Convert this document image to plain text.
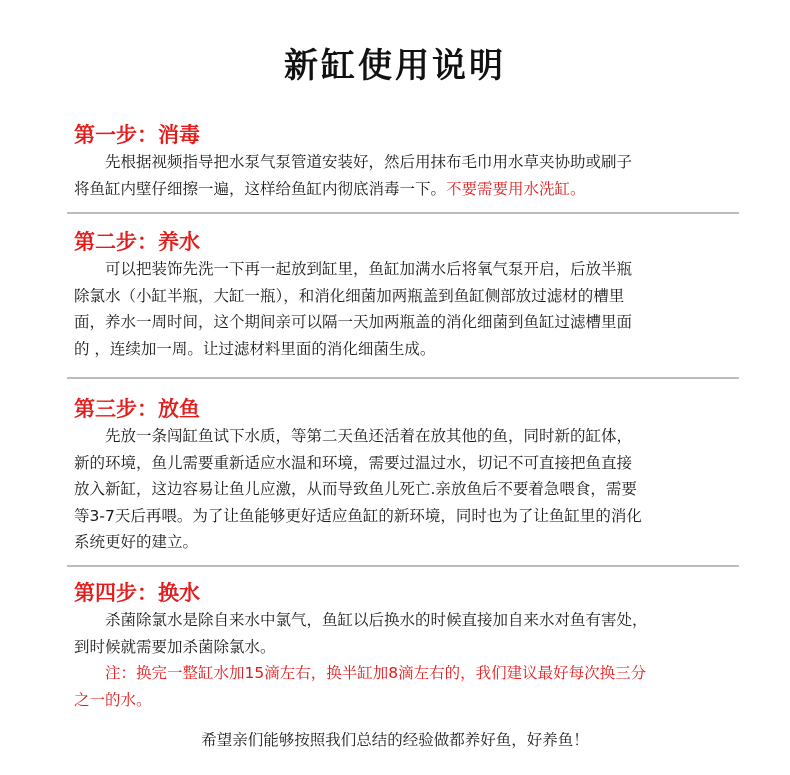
新缸使用说明
第一步：消毒

先根据视频指导把水泵气泵管道安装好，然后用抹布毛巾用水草夹协助或刷子

将鱼缸内壁仔细擦一遍，这样给鱼缸内彻底消毒一下。不要需要用水洗缸。

第二步：养水

可以把装饰先洗一下再一起放到缸里，鱼缸加满水后将氧气泵开启，后放半瓶

除氯水（小缸半瓶，大缸一瓶），和消化细菌加两瓶盖到鱼缸侧部放过滤材的槽里

面，养水一周时间，这个期间亲可以隔一天加两瓶盖的消化细菌到鱼缸过滤槽里面

的 ，连续加一周。让过滤材料里面的消化细菌生成。

第三步：放鱼

先放一条闯缸鱼试下水质，等第二天鱼还活着在放其他的鱼，同时新的缸体，

新的环境，鱼儿需要重新适应水温和环境，需要过温过水，切记不可直接把鱼直接

放入新缸，这边容易让鱼儿应激，从而导致鱼儿死亡.亲放鱼后不要着急喂食，需要

等3-7天后再喂。为了让鱼能够更好适应鱼缸的新环境，同时也为了让鱼缸里的消化

系统更好的建立。

第四步：换水

杀菌除氯水是除自来水中氯气，鱼缸以后换水的时候直接加自来水对鱼有害处，

到时候就需要加杀菌除氯水。

注：换完一整缸水加15滴左右，换半缸加8滴左右的，我们建议最好每次换三分

之一的水。

希望亲们能够按照我们总结的经验做都养好鱼，好养鱼！
